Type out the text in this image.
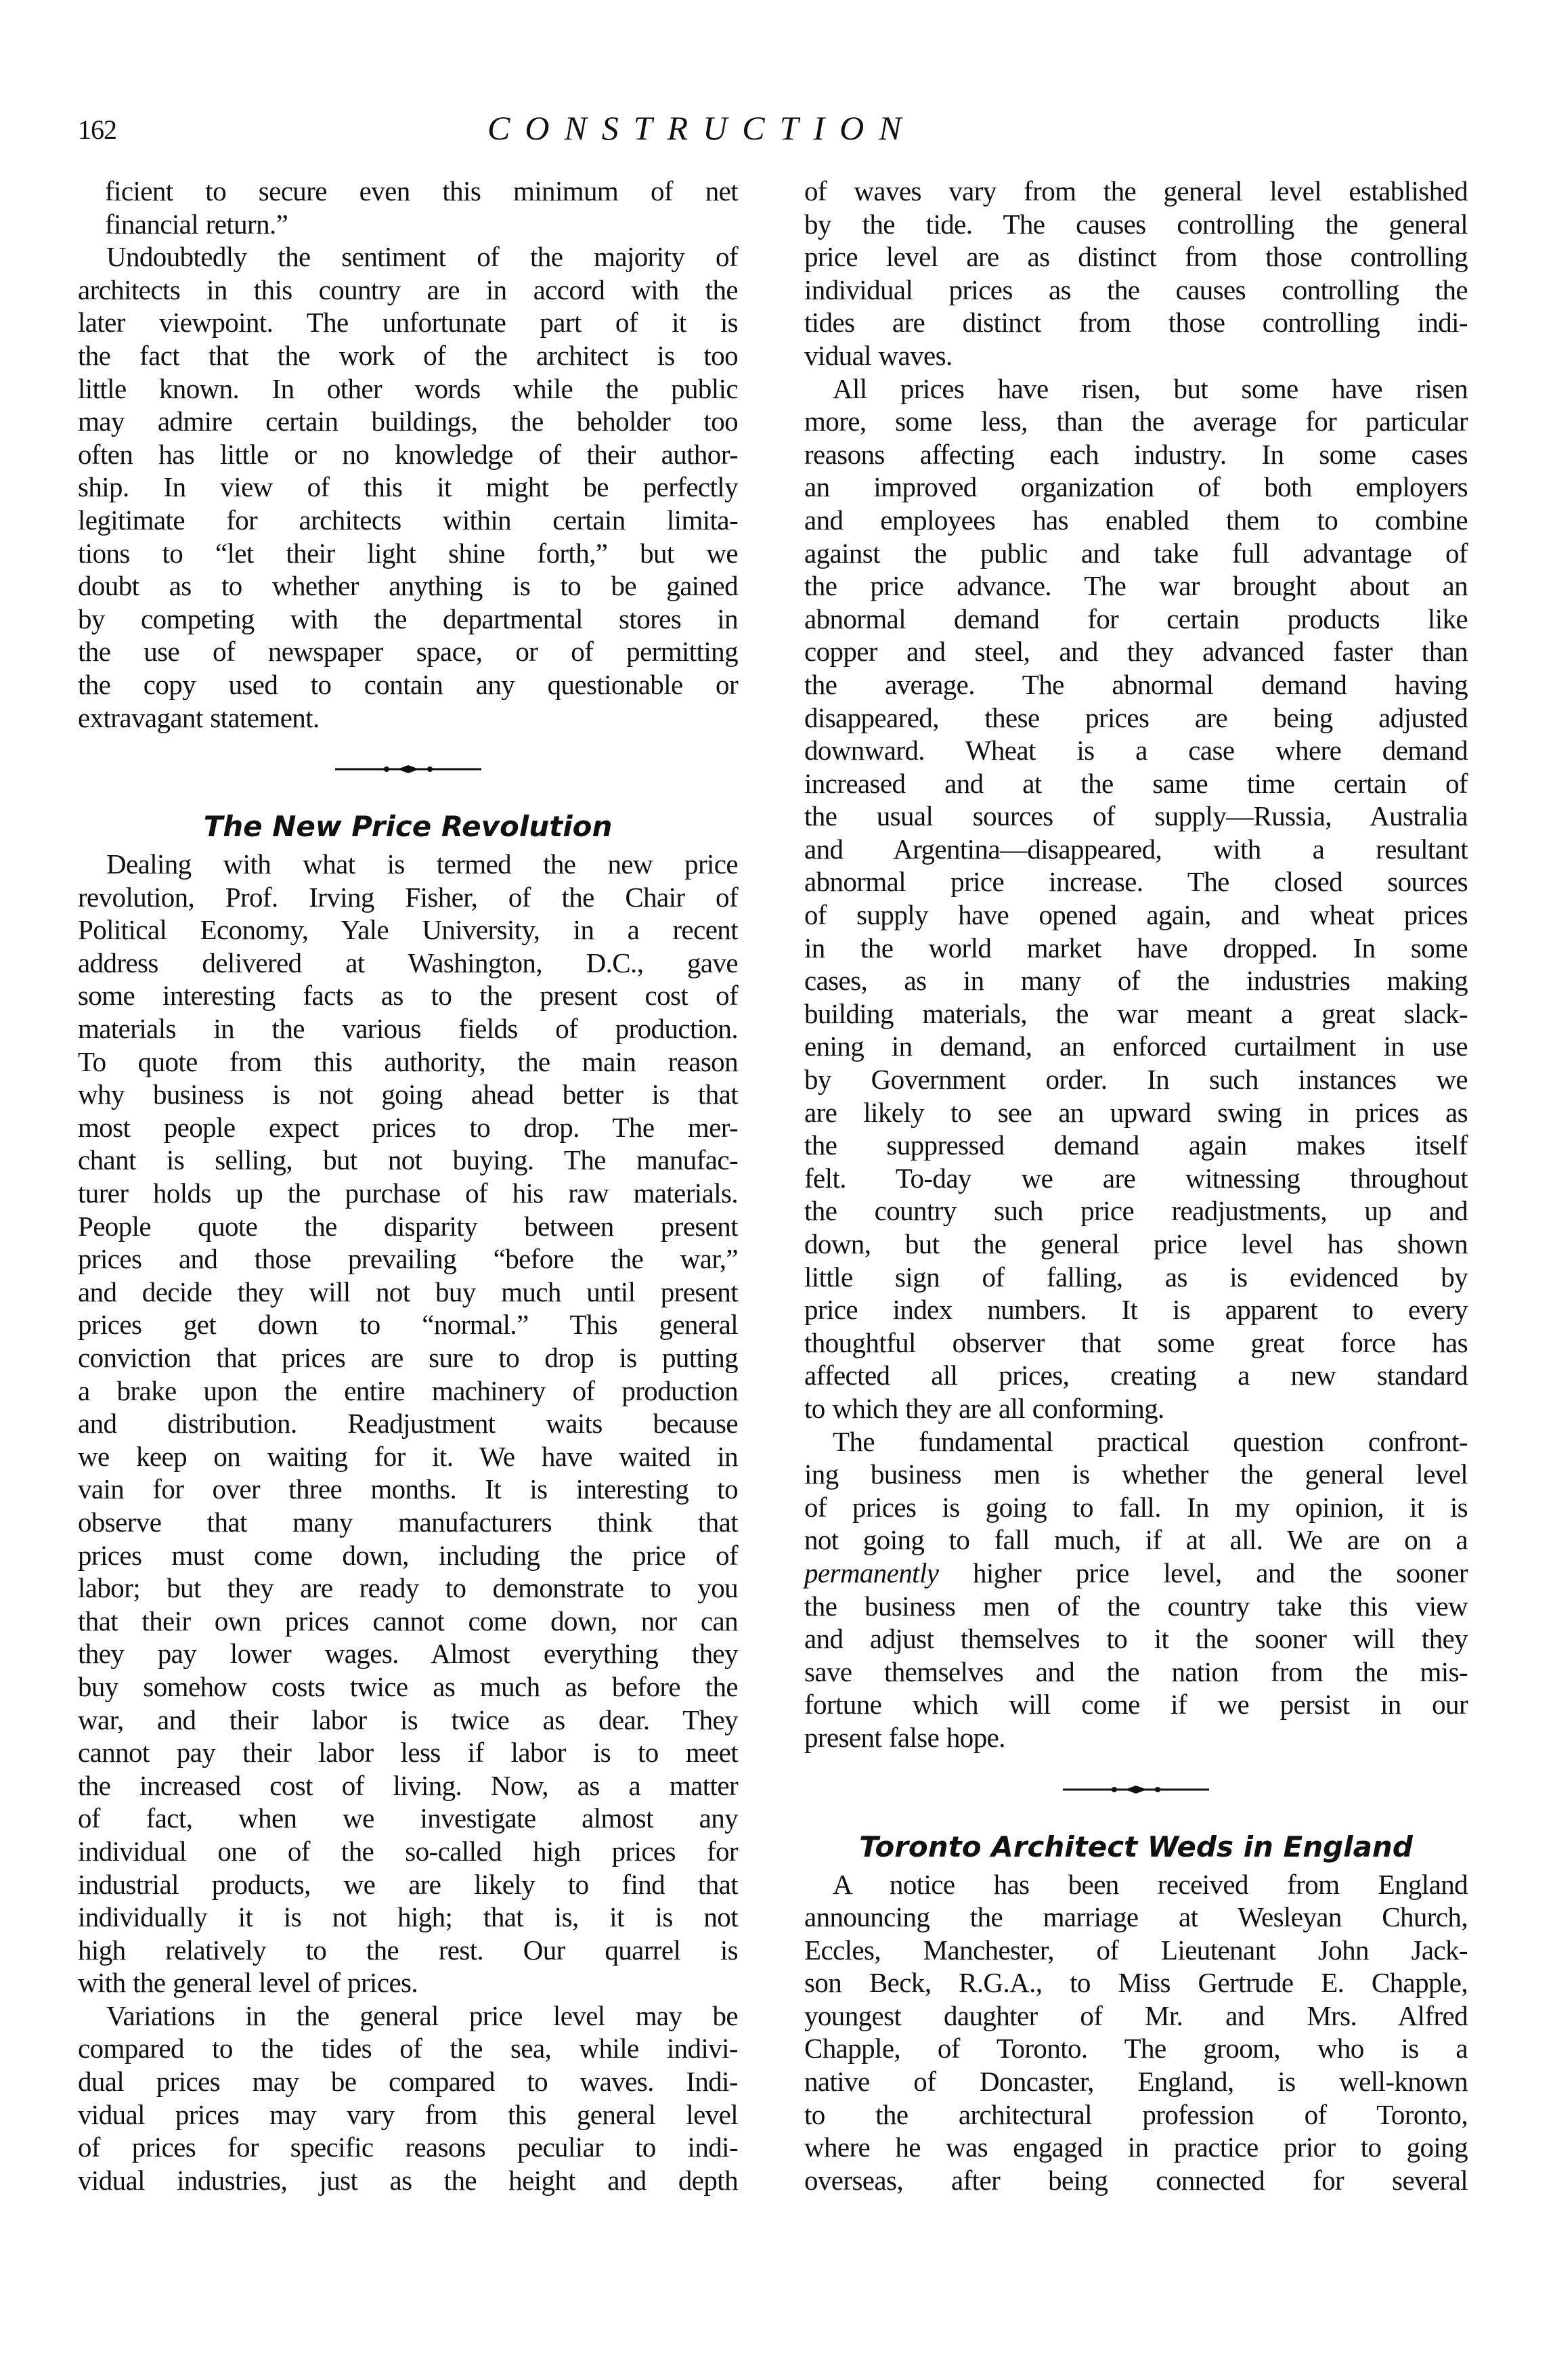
162	CONSTRUCTION
ficient to secure even this minimum of net
financial return.”
Undoubtedly the sentiment of the majority of
architects in this country are in accord with the
later viewpoint. The unfortunate part of it is
the fact that the work of the architect is too
little known. In other words while the public
may admire certain buildings, the beholder too
often has little or no knowledge of their author-
ship. In view of this it might be perfectly
legitimate for architects within certain limita-
tions to “let their light shine forth,” but we
doubt as to whether anything is to be gained
by competing with the departmental stores in
the use of newspaper space, or of permitting
the copy used to contain any questionable or
extravagant statement.
The New Price Revolution
Dealing with what is termed the new price
revolution, Prof. Irving Fisher, of the Chair of
Political Economy, Yale University, in a recent
address delivered at Washington, D.C., gave
some interesting facts as to the present cost of
materials in the various fields of production.
To quote from this authority, the main reason
why business is not going ahead better is that
most people expect prices to drop. The mer-
chant is selling, but not buying. The manufac-
turer holds up the purchase of his raw materials.
People quote the disparity between present
prices and those prevailing “before the war,”
and decide they will not buy much until present
prices get down to “normal.” This general
conviction that prices are sure to drop is putting
a brake upon the entire machinery of production
and distribution. Readjustment waits because
we keep on waiting for it. We have waited in
vain for over three months. It is interesting to
observe that many manufacturers think that
prices must come down, including the price of
labor; but they are ready to demonstrate to you
that their own prices cannot come down, nor can
they pay lower wages. Almost everything they
buy somehow costs twice as much as before the
war, and their labor is twice as dear. They
cannot pay their labor less if labor is to meet
the increased cost of living. Now, as a matter
of fact, when we investigate almost any
individual one of the so-called high prices for
industrial products, we are likely to find that
individually it is not high; that is, it is not
high relatively to the rest. Our quarrel is
with the general level of prices.
Variations in the general price level may be
compared to the tides of the sea, while indivi-
dual prices may be compared to waves. Indi-
vidual prices may vary from this general level
of prices for specific reasons peculiar to indi-
vidual industries, just as the height and depth
of waves vary from the general level established
by the tide. The causes controlling the general
price level are as distinct from those controlling
individual prices as the causes controlling the
tides are distinct from those controlling indi-
vidual waves.
All prices have risen, but some have risen
more, some less, than the average for particular
reasons affecting each industry. In some cases
an improved organization of both employers
and employees has enabled them to combine
against the public and take full advantage of
the price advance. The war brought about an
abnormal demand for certain products like
copper and steel, and they advanced faster than
the average. The abnormal demand having
disappeared, these prices are being adjusted
downward. Wheat is a case where demand
increased and at the same time certain of
the usual sources of supply—Russia, Australia
and Argentina—disappeared, with a resultant
abnormal price increase. The closed sources
of supply have opened again, and wheat prices
in the world market have dropped. In some
cases, as in many of the industries making
building materials, the war meant a great slack-
ening in demand, an enforced curtailment in use
by Government order. In such instances we
are likely to see an upward swing in prices as
the suppressed demand again makes itself
felt. To-day we are witnessing throughout
the country such price readjustments, up and
down, but the general price level has shown
little sign of falling, as is evidenced by
price index numbers. It is apparent to every
thoughtful observer that some great force has
affected all prices, creating a new standard
to which they are all conforming.
The fundamental practical question confront-
ing business men is whether the general level
of prices is going to fall. In my opinion, it is
not going to fall much, if at all. We are on a
permanently higher price level, and the sooner
the business men of the country take this view
and adjust themselves to it the sooner will they
save themselves and the nation from the mis-
fortune which will come if we persist in our
present false hope.
Toronto Architect Weds in England
A notice has been received from England
announcing the marriage at Wesleyan Church,
Eccles, Manchester, of Lieutenant John Jack-
son Beck, R.G.A., to Miss Gertrude E. Chapple,
youngest daughter of Mr. and Mrs. Alfred
Chapple, of Toronto. The groom, who is a
native of Doncaster, England, is well-known
to the architectural profession of Toronto,
where he was engaged in practice prior to going
overseas, after being connected for several
